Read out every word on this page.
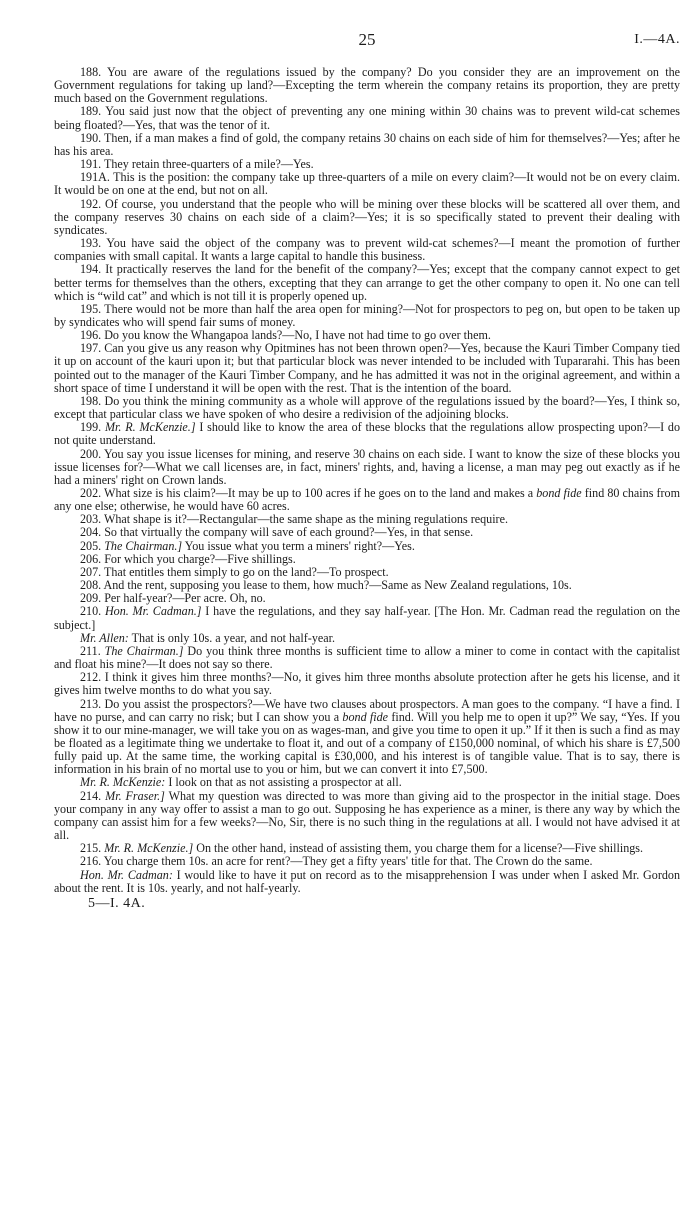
25	I.—4A.

188. You are aware of the regulations issued by the company? Do you consider they are an improvement on the Government regulations for taking up land?—Excepting the term wherein the company retains its proportion, they are pretty much based on the Government regulations.

189. You said just now that the object of preventing any one mining within 30 chains was to prevent wild-cat schemes being floated?—Yes, that was the tenor of it.

190. Then, if a man makes a find of gold, the company retains 30 chains on each side of him for themselves?—Yes; after he has his area.

191. They retain three-quarters of a mile?—Yes.

191A. This is the position: the company take up three-quarters of a mile on every claim?—It would not be on every claim. It would be on one at the end, but not on all.

192. Of course, you understand that the people who will be mining over these blocks will be scattered all over them, and the company reserves 30 chains on each side of a claim?—Yes; it is so specifically stated to prevent their dealing with syndicates.

193. You have said the object of the company was to prevent wild-cat schemes?—I meant the promotion of further companies with small capital. It wants a large capital to handle this business.

194. It practically reserves the land for the benefit of the company?—Yes; except that the company cannot expect to get better terms for themselves than the others, excepting that they can arrange to get the other company to open it. No one can tell which is “wild cat” and which is not till it is properly opened up.

195. There would not be more than half the area open for mining?—Not for prospectors to peg on, but open to be taken up by syndicates who will spend fair sums of money.

196. Do you know the Whangapoa lands?—No, I have not had time to go over them.

197. Can you give us any reason why Opitmines has not been thrown open?—Yes, because the Kauri Timber Company tied it up on account of the kauri upon it; but that particular block was never intended to be included with Tupararahi. This has been pointed out to the manager of the Kauri Timber Company, and he has admitted it was not in the original agreement, and within a short space of time I understand it will be open with the rest. That is the intention of the board.

198. Do you think the mining community as a whole will approve of the regulations issued by the board?—Yes, I think so, except that particular class we have spoken of who desire a redivision of the adjoining blocks.

199. Mr. R. McKenzie.] I should like to know the area of these blocks that the regulations allow prospecting upon?—I do not quite understand.

200. You say you issue licenses for mining, and reserve 30 chains on each side. I want to know the size of these blocks you issue licenses for?—What we call licenses are, in fact, miners' rights, and, having a license, a man may peg out exactly as if he had a miners' right on Crown lands.

202. What size is his claim?—It may be up to 100 acres if he goes on to the land and makes a bond fide find 80 chains from any one else; otherwise, he would have 60 acres.

203. What shape is it?—Rectangular—the same shape as the mining regulations require.

204. So that virtually the company will save of each ground?—Yes, in that sense.

205. The Chairman.] You issue what you term a miners' right?—Yes.

206. For which you charge?—Five shillings.

207. That entitles them simply to go on the land?—To prospect.

208. And the rent, supposing you lease to them, how much?—Same as New Zealand regulations, 10s.

209. Per half-year?—Per acre. Oh, no.

210. Hon. Mr. Cadman.] I have the regulations, and they say half-year. [The Hon. Mr. Cadman read the regulation on the subject.]

Mr. Allen: That is only 10s. a year, and not half-year.

211. The Chairman.] Do you think three months is sufficient time to allow a miner to come in contact with the capitalist and float his mine?—It does not say so there.

212. I think it gives him three months?—No, it gives him three months absolute protection after he gets his license, and it gives him twelve months to do what you say.

213. Do you assist the prospectors?—We have two clauses about prospectors. A man goes to the company. “I have a find. I have no purse, and can carry no risk; but I can show you a bond fide find. Will you help me to open it up?” We say, “Yes. If you show it to our mine-manager, we will take you on as wages-man, and give you time to open it up.” If it then is such a find as may be floated as a legitimate thing we undertake to float it, and out of a company of £150,000 nominal, of which his share is £7,500 fully paid up. At the same time, the working capital is £30,000, and his interest is of tangible value. That is to say, there is information in his brain of no mortal use to you or him, but we can convert it into £7,500.

Mr. R. McKenzie: I look on that as not assisting a prospector at all.

214. Mr. Fraser.] What my question was directed to was more than giving aid to the prospector in the initial stage. Does your company in any way offer to assist a man to go out. Supposing he has experience as a miner, is there any way by which the company can assist him for a few weeks?—No, Sir, there is no such thing in the regulations at all. I would not have advised it at all.

215. Mr. R. McKenzie.] On the other hand, instead of assisting them, you charge them for a license?—Five shillings.

216. You charge them 10s. an acre for rent?—They get a fifty years' title for that. The Crown do the same.

Hon. Mr. Cadman: I would like to have it put on record as to the misapprehension I was under when I asked Mr. Gordon about the rent. It is 10s. yearly, and not half-yearly.

5—I. 4A.
